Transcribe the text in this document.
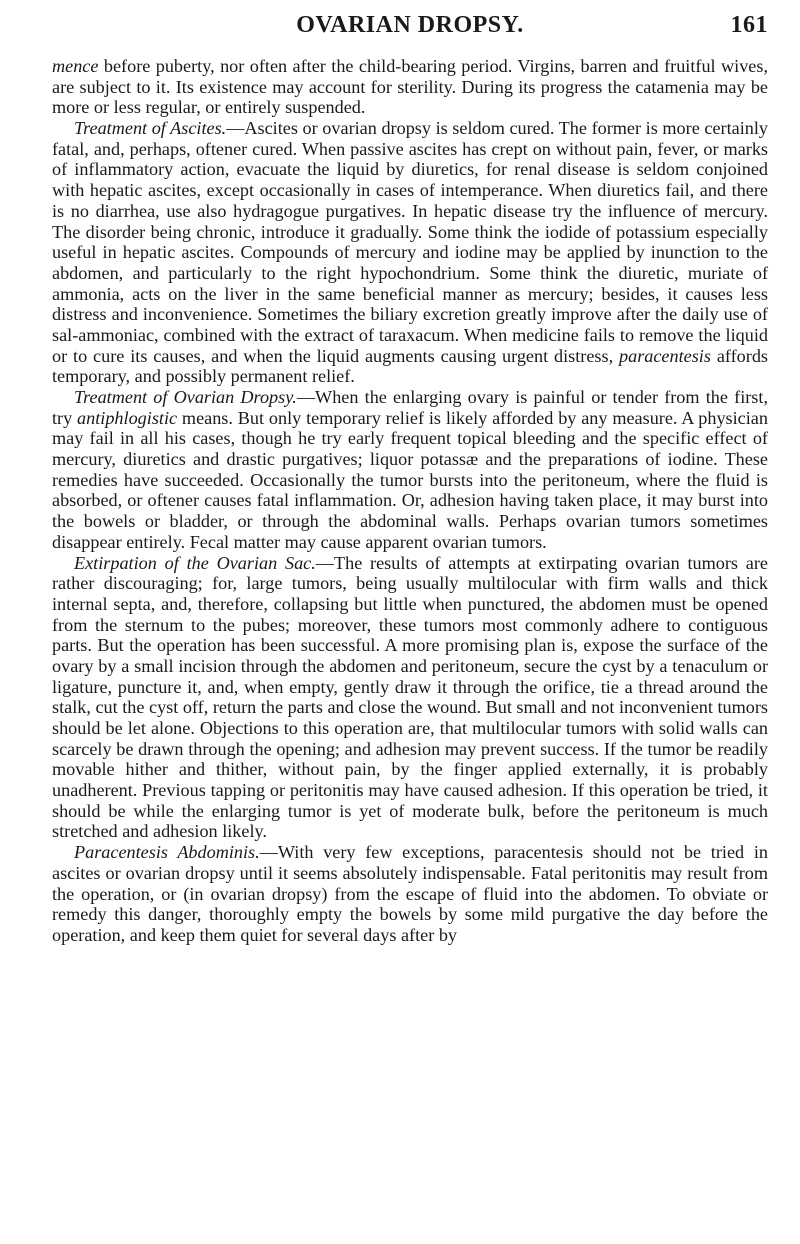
OVARIAN DROPSY.	161

mence before puberty, nor often after the child-bearing period. Virgins, barren and fruitful wives, are subject to it. Its existence may account for sterility. During its progress the catamenia may be more or less regular, or entirely suspended.

Treatment of Ascites.—Ascites or ovarian dropsy is seldom cured. The former is more certainly fatal, and, perhaps, oftener cured. When passive ascites has crept on without pain, fever, or marks of inflammatory action, evacuate the liquid by diuretics, for renal disease is seldom conjoined with hepatic ascites, except occasionally in cases of intemperance. When diuretics fail, and there is no diarrhea, use also hydragogue purgatives. In hepatic disease try the influence of mercury. The disorder being chronic, introduce it gradually. Some think the iodide of potassium especially useful in hepatic ascites. Compounds of mercury and iodine may be applied by inunction to the abdomen, and particularly to the right hypochondrium. Some think the diuretic, muriate of ammonia, acts on the liver in the same beneficial manner as mercury; besides, it causes less distress and inconvenience. Sometimes the biliary excretion greatly improve after the daily use of sal-ammoniac, combined with the extract of taraxacum. When medicine fails to remove the liquid or to cure its causes, and when the liquid augments causing urgent distress, paracentesis affords temporary, and possibly permanent relief.

Treatment of Ovarian Dropsy.—When the enlarging ovary is painful or tender from the first, try antiphlogistic means. But only temporary relief is likely afforded by any measure. A physician may fail in all his cases, though he try early frequent topical bleeding and the specific effect of mercury, diuretics and drastic purgatives; liquor potassæ and the preparations of iodine. These remedies have succeeded. Occasionally the tumor bursts into the peritoneum, where the fluid is absorbed, or oftener causes fatal inflammation. Or, adhesion having taken place, it may burst into the bowels or bladder, or through the abdominal walls. Perhaps ovarian tumors sometimes disappear entirely. Fecal matter may cause apparent ovarian tumors.

Extirpation of the Ovarian Sac.—The results of attempts at extirpating ovarian tumors are rather discouraging; for, large tumors, being usually multilocular with firm walls and thick internal septa, and, therefore, collapsing but little when punctured, the abdomen must be opened from the sternum to the pubes; moreover, these tumors most commonly adhere to contiguous parts. But the operation has been successful. A more promising plan is, expose the surface of the ovary by a small incision through the abdomen and peritoneum, secure the cyst by a tenaculum or ligature, puncture it, and, when empty, gently draw it through the orifice, tie a thread around the stalk, cut the cyst off, return the parts and close the wound. But small and not inconvenient tumors should be let alone. Objections to this operation are, that multilocular tumors with solid walls can scarcely be drawn through the opening; and adhesion may prevent success. If the tumor be readily movable hither and thither, without pain, by the finger applied externally, it is probably unadherent. Previous tapping or peritonitis may have caused adhesion. If this operation be tried, it should be while the enlarging tumor is yet of moderate bulk, before the peritoneum is much stretched and adhesion likely.

Paracentesis Abdominis.—With very few exceptions, paracentesis should not be tried in ascites or ovarian dropsy until it seems absolutely indispensable. Fatal peritonitis may result from the operation, or (in ovarian dropsy) from the escape of fluid into the abdomen. To obviate or remedy this danger, thoroughly empty the bowels by some mild purgative the day before the operation, and keep them quiet for several days after by
